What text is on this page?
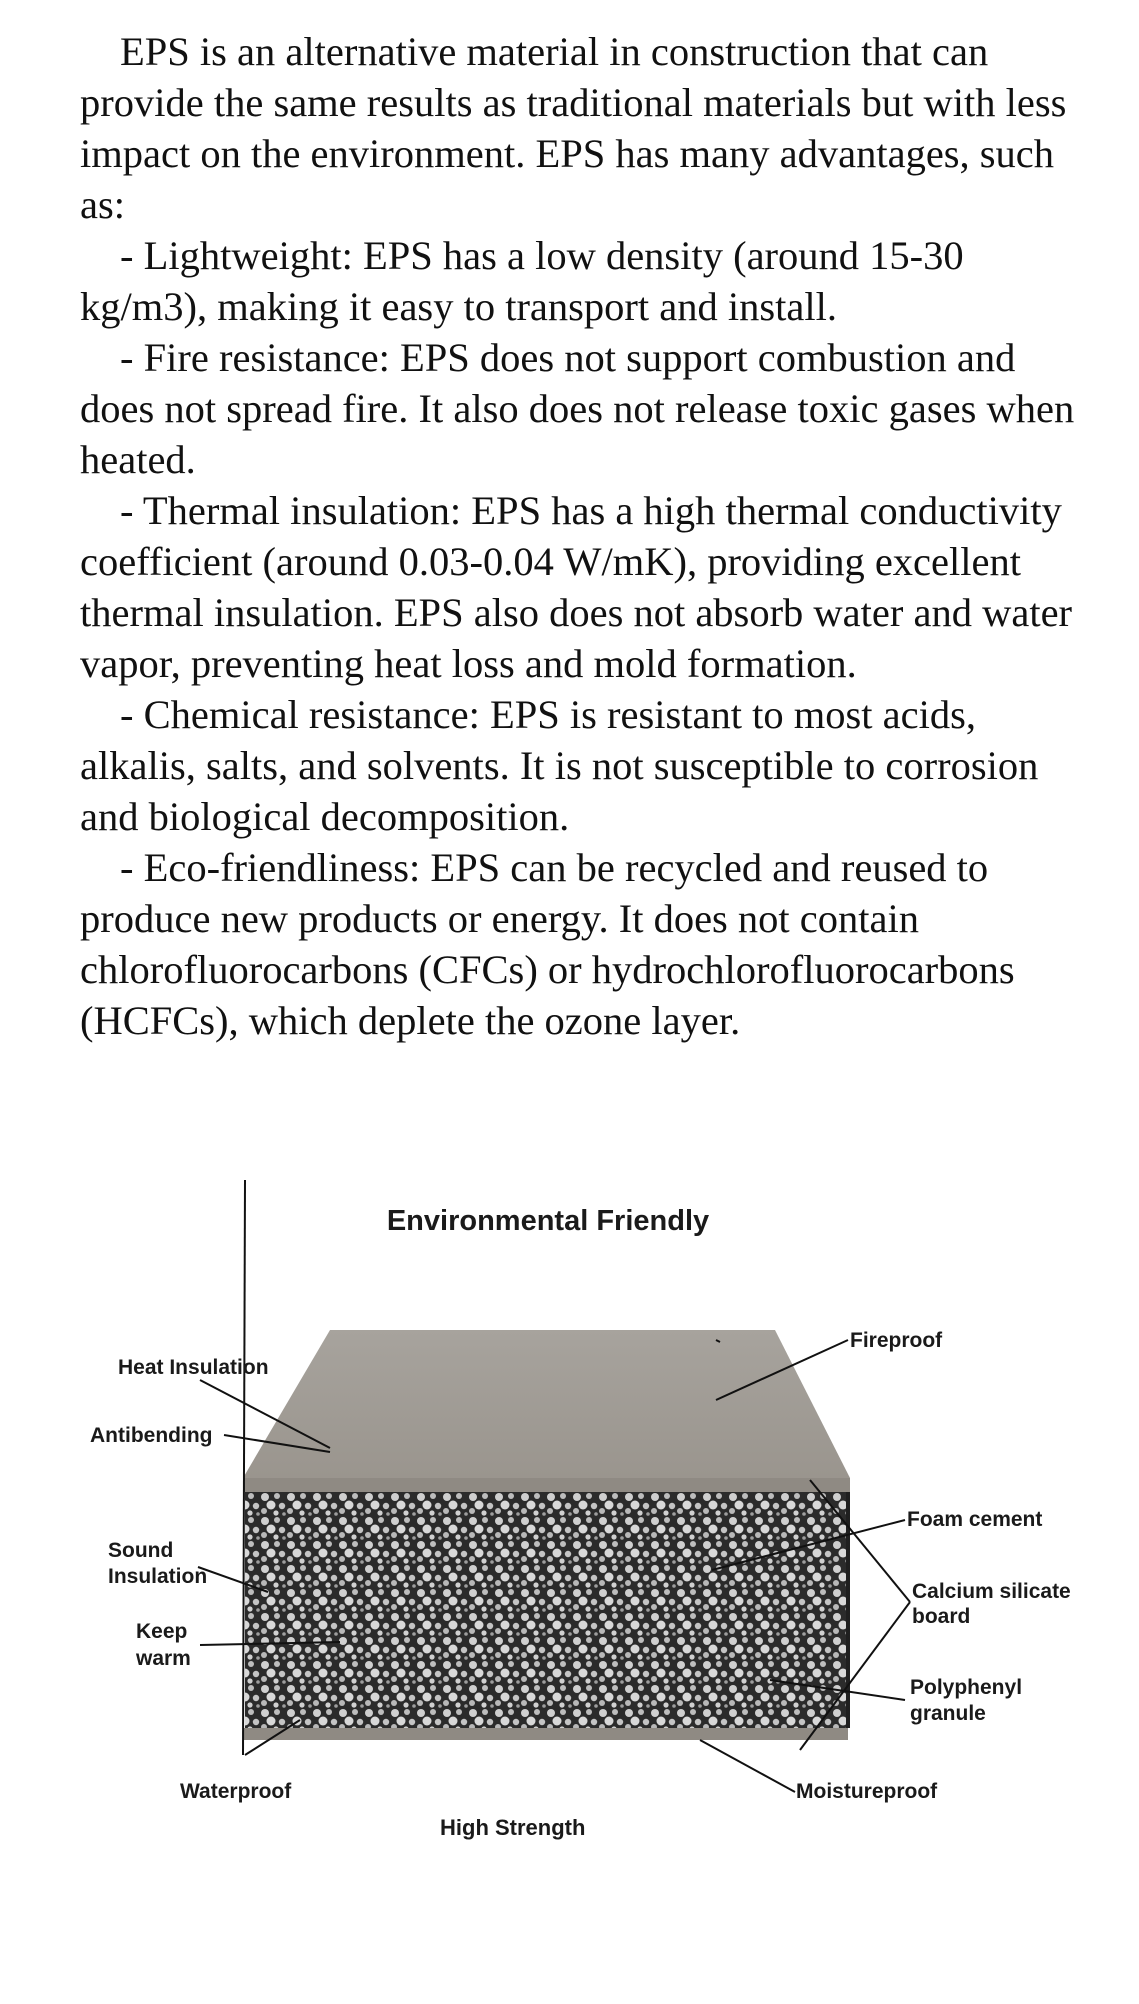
EPS is an alternative material in construction that can provide the same results as traditional materials but with less impact on the environment. EPS has many advantages, such as:

- Lightweight: EPS has a low density (around 15-30 kg/m3), making it easy to transport and install.

- Fire resistance: EPS does not support combustion and does not spread fire. It also does not release toxic gases when heated.

- Thermal insulation: EPS has a high thermal conductivity coefficient (around 0.03-0.04 W/mK), providing excellent thermal insulation. EPS also does not absorb water and water vapor, preventing heat loss and mold formation.

- Chemical resistance: EPS is resistant to most acids, alkalis, salts, and solvents. It is not susceptible to corrosion and biological decomposition.

- Eco-friendliness: EPS can be recycled and reused to produce new products or energy. It does not contain chlorofluorocarbons (CFCs) or hydrochlorofluorocarbons (HCFCs), which deplete the ozone layer.

Environmental Friendly
Heat Insulation
Antibending
Sound
Insulation
Keep
warm
Waterproof
High Strength
Fireproof
Foam cement
Calcium silicate
board
Polyphenyl
granule
Moistureproof
